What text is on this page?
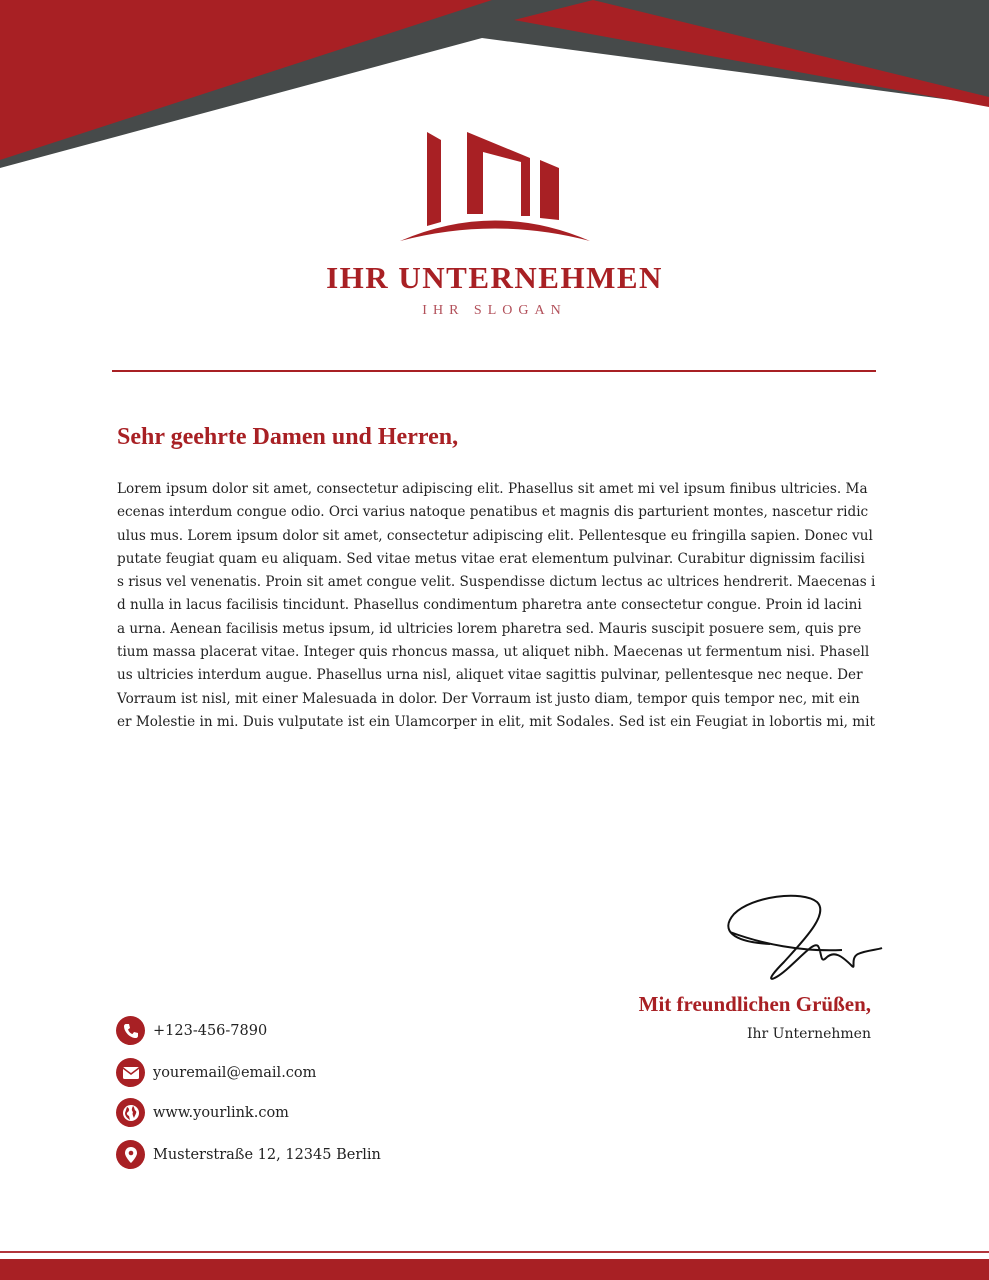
IHR UNTERNEHMEN
IHR SLOGAN
Sehr geehrte Damen und Herren,
Lorem ipsum dolor sit amet, consectetur adipiscing elit. Phasellus sit amet mi vel ipsum finibus ultricies. Ma
ecenas interdum congue odio. Orci varius natoque penatibus et magnis dis parturient montes, nascetur ridic
ulus mus. Lorem ipsum dolor sit amet, consectetur adipiscing elit. Pellentesque eu fringilla sapien. Donec vul
putate feugiat quam eu aliquam. Sed vitae metus vitae erat elementum pulvinar. Curabitur dignissim facilisi
s risus vel venenatis. Proin sit amet congue velit. Suspendisse dictum lectus ac ultrices hendrerit. Maecenas i
d nulla in lacus facilisis tincidunt. Phasellus condimentum pharetra ante consectetur congue. Proin id lacini
a urna. Aenean facilisis metus ipsum, id ultricies lorem pharetra sed. Mauris suscipit posuere sem, quis pre
tium massa placerat vitae. Integer quis rhoncus massa, ut aliquet nibh. Maecenas ut fermentum nisi. Phasell
us ultricies interdum augue. Phasellus urna nisl, aliquet vitae sagittis pulvinar, pellentesque nec neque. Der
Vorraum ist nisl, mit einer Malesuada in dolor. Der Vorraum ist justo diam, tempor quis tempor nec, mit ein
er Molestie in mi. Duis vulputate ist ein Ulamcorper in elit, mit Sodales. Sed ist ein Feugiat in lobortis mi, mit
Mit freundlichen Grüßen,
Ihr Unternehmen
+123-456-7890
youremail@email.com
www.yourlink.com
Musterstraße 12, 12345 Berlin
